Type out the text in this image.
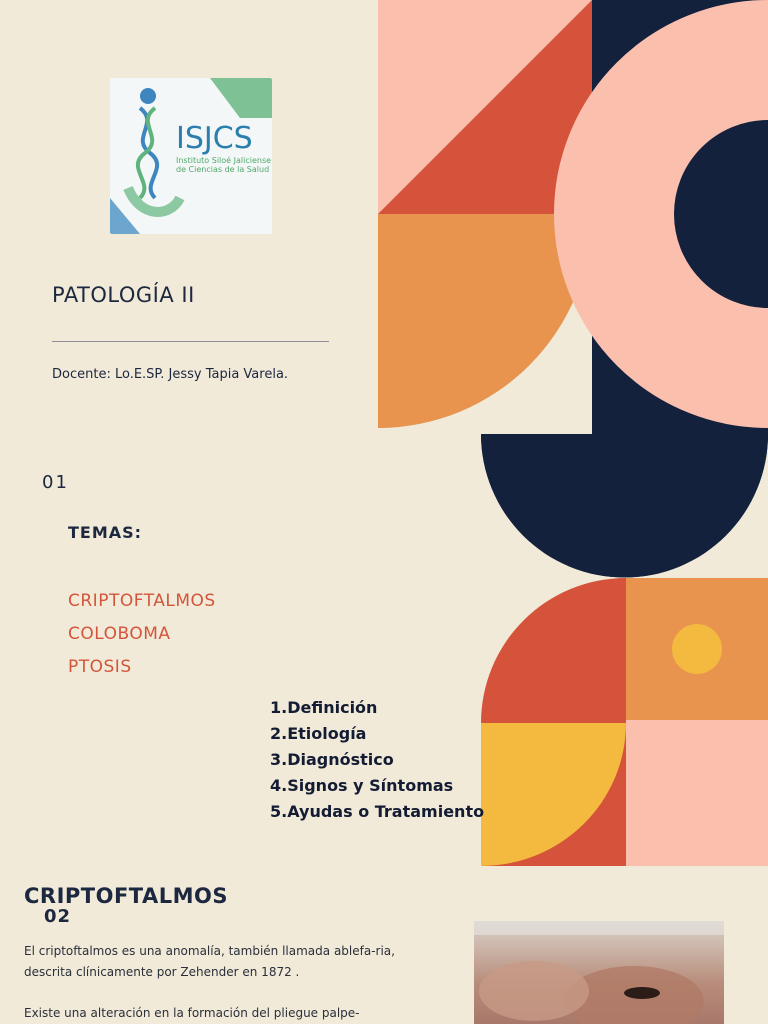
ISJCS
Instituto Siloé Jaliciense de Ciencias de la Salud
PATOLOGÍA II
Docente: Lo.E.SP. Jessy Tapia Varela.
01
TEMAS:
CRIPTOFTALMOS
COLOBOMA
PTOSIS
1.Definición
2.Etiología
3.Diagnóstico
4.Signos y Síntomas
5.Ayudas o Tratamiento
CRIPTOFTALMOS
02

El criptoftalmos es una anomalía, también llamada ablefa-ria, descrita clínicamente por Zehender en 1872 .

Existe una alteración en la formación del pliegue palpe-
